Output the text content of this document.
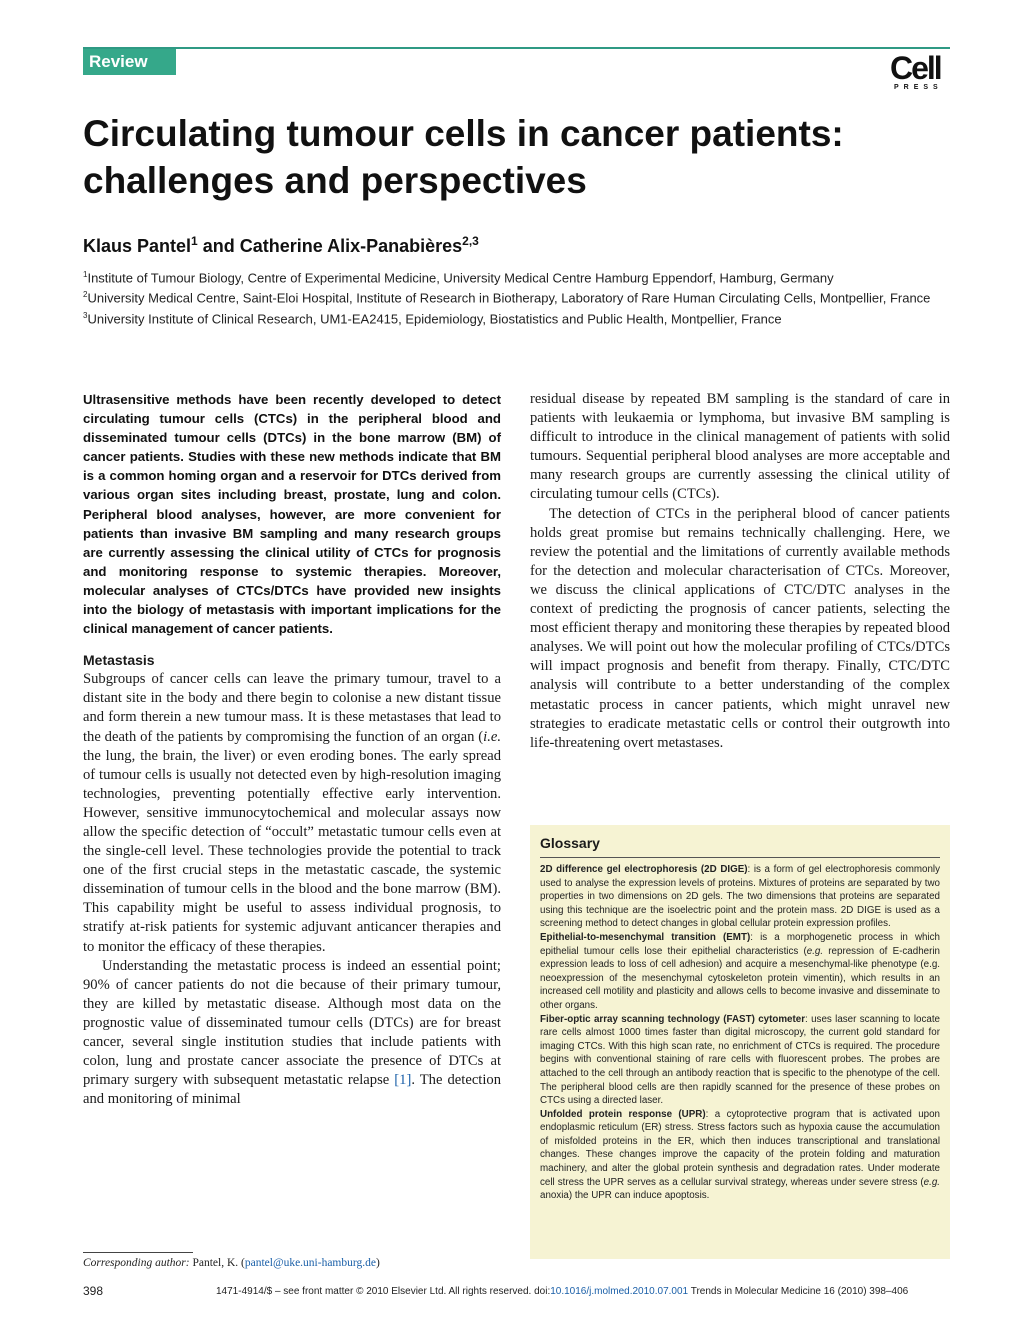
Review	Cell
PRESS
Circulating tumour cells in cancer patients: challenges and perspectives

Klaus Pantel$^1$ and Catherine Alix-Panabières$^{2,3}$

$^1$Institute of Tumour Biology, Centre of Experimental Medicine, University Medical Centre Hamburg Eppendorf, Hamburg, Germany

$^2$University Medical Centre, Saint-Eloi Hospital, Institute of Research in Biotherapy, Laboratory of Rare Human Circulating Cells, Montpellier, France

$^3$University Institute of Clinical Research, UM1-EA2415, Epidemiology, Biostatistics and Public Health, Montpellier, France

Ultrasensitive methods have been recently developed to detect circulating tumour cells (CTCs) in the peripheral blood and disseminated tumour cells (DTCs) in the bone marrow (BM) of cancer patients. Studies with these new methods indicate that BM is a common homing organ and a reservoir for DTCs derived from various organ sites including breast, prostate, lung and colon. Peripheral blood analyses, however, are more convenient for patients than invasive BM sampling and many research groups are currently assessing the clinical utility of CTCs for prognosis and monitoring response to systemic therapies. Moreover, molecular analyses of CTCs/DTCs have provided new insights into the biology of metastasis with important implications for the clinical management of cancer patients.

Metastasis

Subgroups of cancer cells can leave the primary tumour, travel to a distant site in the body and there begin to colonise a new distant tissue and form therein a new tumour mass. It is these metastases that lead to the death of the patients by compromising the function of an organ (i.e. the lung, the brain, the liver) or even eroding bones. The early spread of tumour cells is usually not detected even by high-resolution imaging technologies, preventing potentially effective early intervention. However, sensitive immunocytochemical and molecular assays now allow the specific detection of “occult” metastatic tumour cells even at the single-cell level. These technologies provide the potential to track one of the first crucial steps in the metastatic cascade, the systemic dissemination of tumour cells in the blood and the bone marrow (BM). This capability might be useful to assess individual prognosis, to stratify at-risk patients for systemic adjuvant anticancer therapies and to monitor the efficacy of these therapies.

Understanding the metastatic process is indeed an essential point; 90% of cancer patients do not die because of their primary tumour, they are killed by metastatic disease. Although most data on the prognostic value of disseminated tumour cells (DTCs) are for breast cancer, several single institution studies that include patients with colon, lung and prostate cancer associate the presence of DTCs at primary surgery with subsequent metastatic relapse [1]. The detection and monitoring of minimal

residual disease by repeated BM sampling is the standard of care in patients with leukaemia or lymphoma, but invasive BM sampling is difficult to introduce in the clinical management of patients with solid tumours. Sequential peripheral blood analyses are more acceptable and many research groups are currently assessing the clinical utility of circulating tumour cells (CTCs).

The detection of CTCs in the peripheral blood of cancer patients holds great promise but remains technically challenging. Here, we review the potential and the limitations of currently available methods for the detection and molecular characterisation of CTCs. Moreover, we discuss the clinical applications of CTC/DTC analyses in the context of predicting the prognosis of cancer patients, selecting the most efficient therapy and monitoring these therapies by repeated blood analyses. We will point out how the molecular profiling of CTCs/DTCs will impact prognosis and benefit from therapy. Finally, CTC/DTC analysis will contribute to a better understanding of the complex metastatic process in cancer patients, which might unravel new strategies to eradicate metastatic cells or control their outgrowth into life-threatening overt metastases.

Glossary

2D difference gel electrophoresis (2D DIGE): is a form of gel electrophoresis commonly used to analyse the expression levels of proteins. Mixtures of proteins are separated by two properties in two dimensions on 2D gels. The two dimensions that proteins are separated using this technique are the isoelectric point and the protein mass. 2D DIGE is used as a screening method to detect changes in global cellular protein expression profiles.

Epithelial-to-mesenchymal transition (EMT): is a morphogenetic process in which epithelial tumour cells lose their epithelial characteristics (e.g. repression of E-cadherin expression leads to loss of cell adhesion) and acquire a mesenchymal-like phenotype (e.g. neoexpression of the mesenchymal cytoskeleton protein vimentin), which results in an increased cell motility and plasticity and allows cells to become invasive and disseminate to other organs.

Fiber-optic array scanning technology (FAST) cytometer: uses laser scanning to locate rare cells almost 1000 times faster than digital microscopy, the current gold standard for imaging CTCs. With this high scan rate, no enrichment of CTCs is required. The procedure begins with conventional staining of rare cells with fluorescent probes. The probes are attached to the cell through an antibody reaction that is specific to the phenotype of the cell. The peripheral blood cells are then rapidly scanned for the presence of these probes on CTCs using a directed laser.

Unfolded protein response (UPR): a cytoprotective program that is activated upon endoplasmic reticulum (ER) stress. Stress factors such as hypoxia cause the accumulation of misfolded proteins in the ER, which then induces transcriptional and translational changes. These changes improve the capacity of the protein folding and maturation machinery, and alter the global protein synthesis and degradation rates. Under moderate cell stress the UPR serves as a cellular survival strategy, whereas under severe stress (e.g. anoxia) the UPR can induce apoptosis.

Corresponding author: Pantel, K. (pantel@uke.uni-hamburg.de)
398	1471-4914/$ – see front matter © 2010 Elsevier Ltd. All rights reserved. doi:10.1016/j.molmed.2010.07.001 Trends in Molecular Medicine 16 (2010) 398–406
